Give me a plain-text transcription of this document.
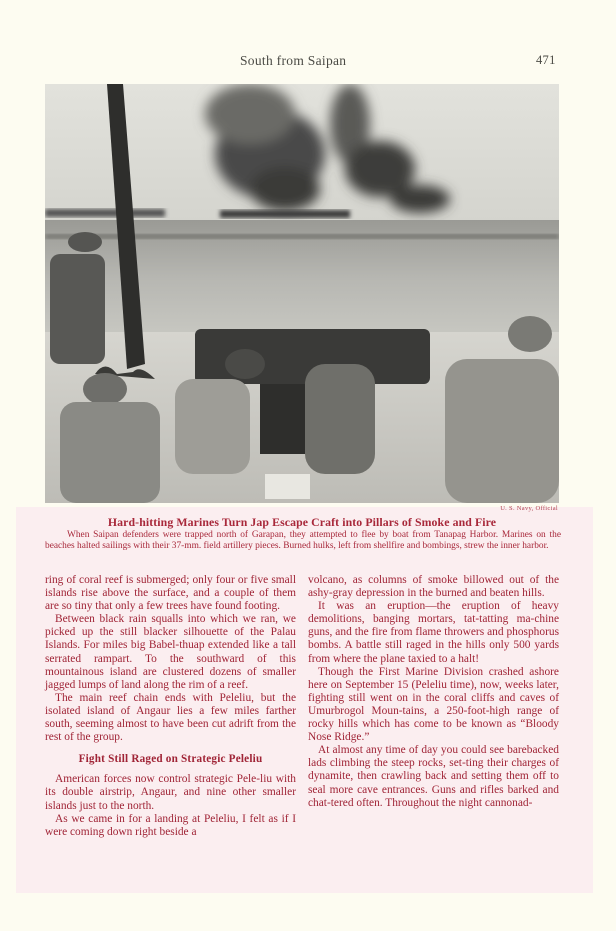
South from Saipan	471
U. S. Navy, Official
Hard-hitting Marines Turn Jap Escape Craft into Pillars of Smoke and Fire
When Saipan defenders were trapped north of Garapan, they attempted to flee by boat from Tanapag Harbor. Marines on the beaches halted sailings with their 37-mm. field artillery pieces. Burned hulks, left from shellfire and bombings, strew the inner harbor.

ring of coral reef is submerged; only four or five small islands rise above the surface, and a couple of them are so tiny that only a few trees have found footing.

Between black rain squalls into which we ran, we picked up the still blacker silhouette of the Palau Islands. For miles big Babel-thuap extended like a tall serrated rampart. To the southward of this mountainous island are clustered dozens of smaller jagged lumps of land along the rim of a reef.

The main reef chain ends with Peleliu, but the isolated island of Angaur lies a few miles farther south, seeming almost to have been cut adrift from the rest of the group.

Fight Still Raged on Strategic Peleliu

American forces now control strategic Pele-liu with its double airstrip, Angaur, and nine other smaller islands just to the north.

As we came in for a landing at Peleliu, I felt as if I were coming down right beside a

volcano, as columns of smoke billowed out of the ashy-gray depression in the burned and beaten hills.

It was an eruption—the eruption of heavy demolitions, banging mortars, tat-tatting ma-chine guns, and the fire from flame throwers and phosphorus bombs. A battle still raged in the hills only 500 yards from where the plane taxied to a halt!

Though the First Marine Division crashed ashore here on September 15 (Peleliu time), now, weeks later, fighting still went on in the coral cliffs and caves of Umurbrogol Moun-tains, a 250-foot-high range of rocky hills which has come to be known as “Bloody Nose Ridge.”

At almost any time of day you could see barebacked lads climbing the steep rocks, set-ting their charges of dynamite, then crawling back and setting them off to seal more cave entrances. Guns and rifles barked and chat-tered often. Throughout the night cannonad-
